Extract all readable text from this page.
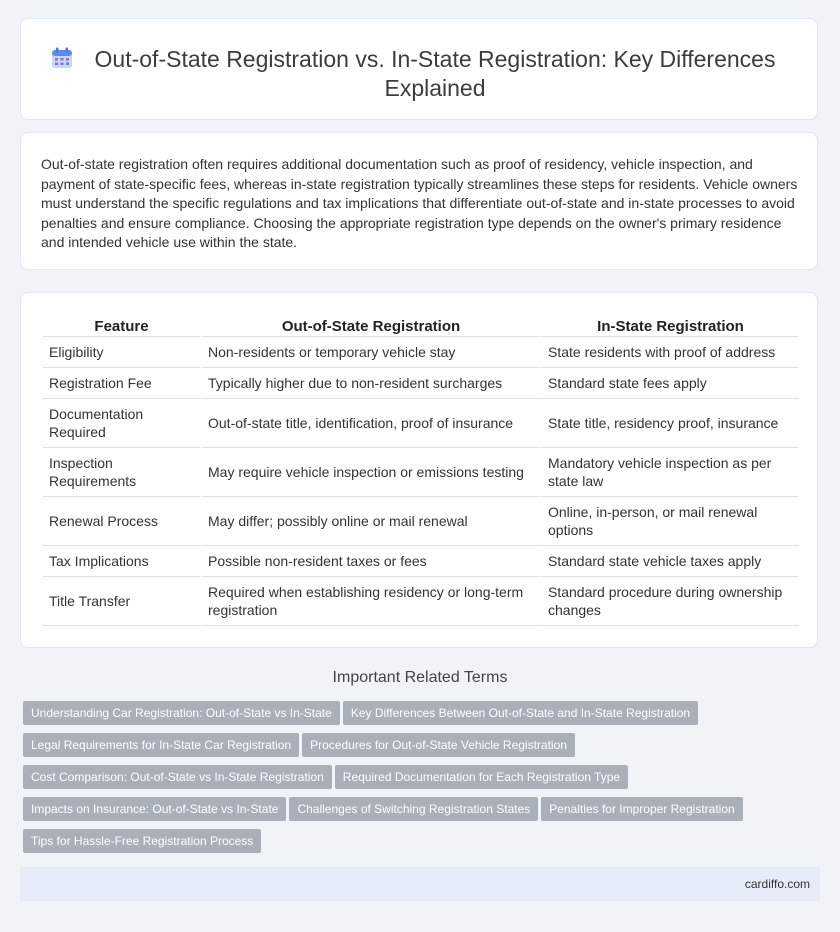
Out-of-State Registration vs. In-State Registration: Key Differences Explained

Out-of-state registration often requires additional documentation such as proof of residency, vehicle inspection, and payment of state-specific fees, whereas in-state registration typically streamlines these steps for residents. Vehicle owners must understand the specific regulations and tax implications that differentiate out-of-state and in-state processes to avoid penalties and ensure compliance. Choosing the appropriate registration type depends on the owner's primary residence and intended vehicle use within the state.

Feature	Out-of-State Registration	In-State Registration
Eligibility	Non-residents or temporary vehicle stay	State residents with proof of address
Registration Fee	Typically higher due to non-resident surcharges	Standard state fees apply
Documentation Required	Out-of-state title, identification, proof of insurance	State title, residency proof, insurance
Inspection Requirements	May require vehicle inspection or emissions testing	Mandatory vehicle inspection as per state law
Renewal Process	May differ; possibly online or mail renewal	Online, in-person, or mail renewal options
Tax Implications	Possible non-resident taxes or fees	Standard state vehicle taxes apply
Title Transfer	Required when establishing residency or long-term registration	Standard procedure during ownership changes
Important Related Terms
Understanding Car Registration: Out-of-State vs In-State Key Differences Between Out-of-State and In-State Registration
Legal Requirements for In-State Car Registration Procedures for Out-of-State Vehicle Registration
Cost Comparison: Out-of-State vs In-State Registration Required Documentation for Each Registration Type
Impacts on Insurance: Out-of-State vs In-State Challenges of Switching Registration States Penalties for Improper Registration
Tips for Hassle-Free Registration Process
cardiffo.com
